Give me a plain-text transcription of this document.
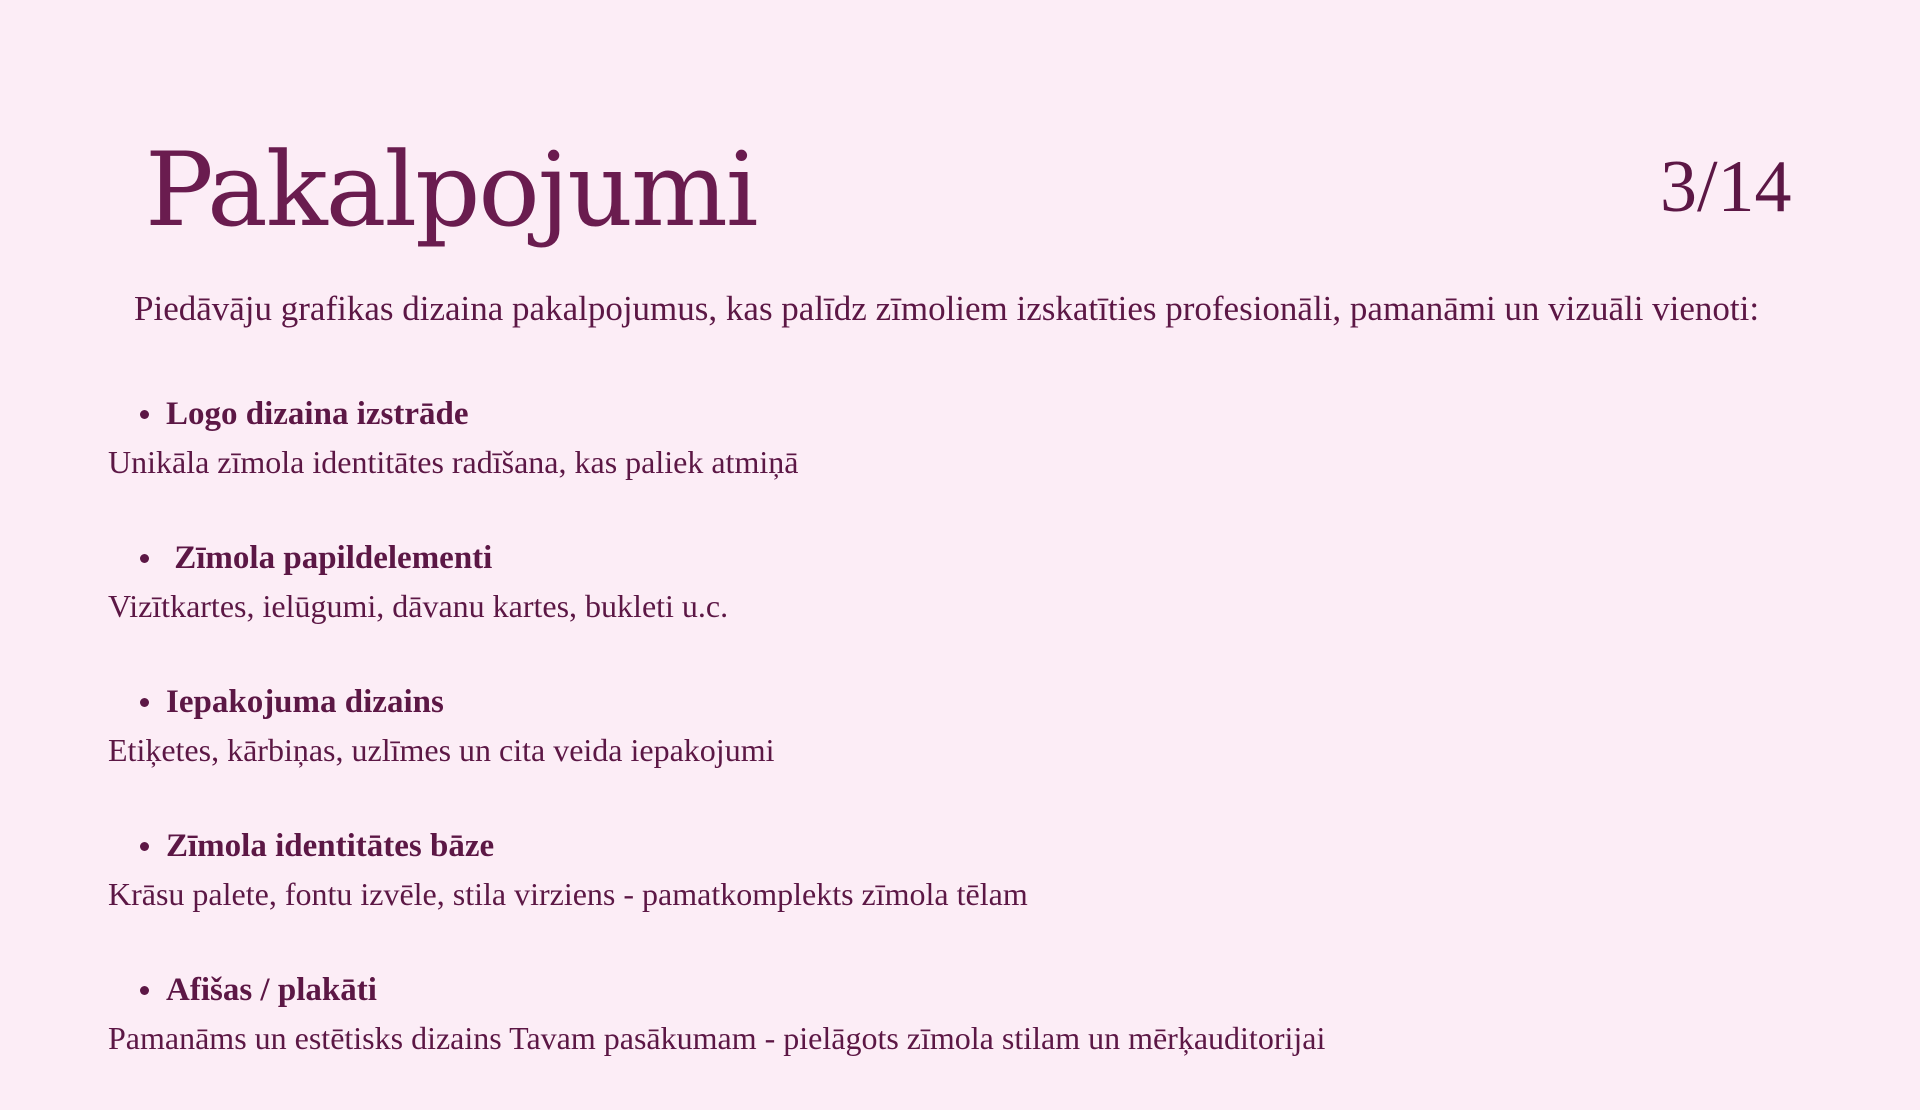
Pakalpojumi	3/14

Piedāvāju grafikas dizaina pakalpojumus, kas palīdz zīmoliem izskatīties profesionāli, pamanāmi un vizuāli vienoti:

Logo dizaina izstrāde
Unikāla zīmola identitātes radīšana, kas paliek atmiņā
Zīmola papildelementi
Vizītkartes, ielūgumi, dāvanu kartes, bukleti u.c.
Iepakojuma dizains
Etiķetes, kārbiņas, uzlīmes un cita veida iepakojumi
Zīmola identitātes bāze
Krāsu palete, fontu izvēle, stila virziens - pamatkomplekts zīmola tēlam
Afišas / plakāti
Pamanāms un estētisks dizains Tavam pasākumam - pielāgots zīmola stilam un mērķauditorijai
